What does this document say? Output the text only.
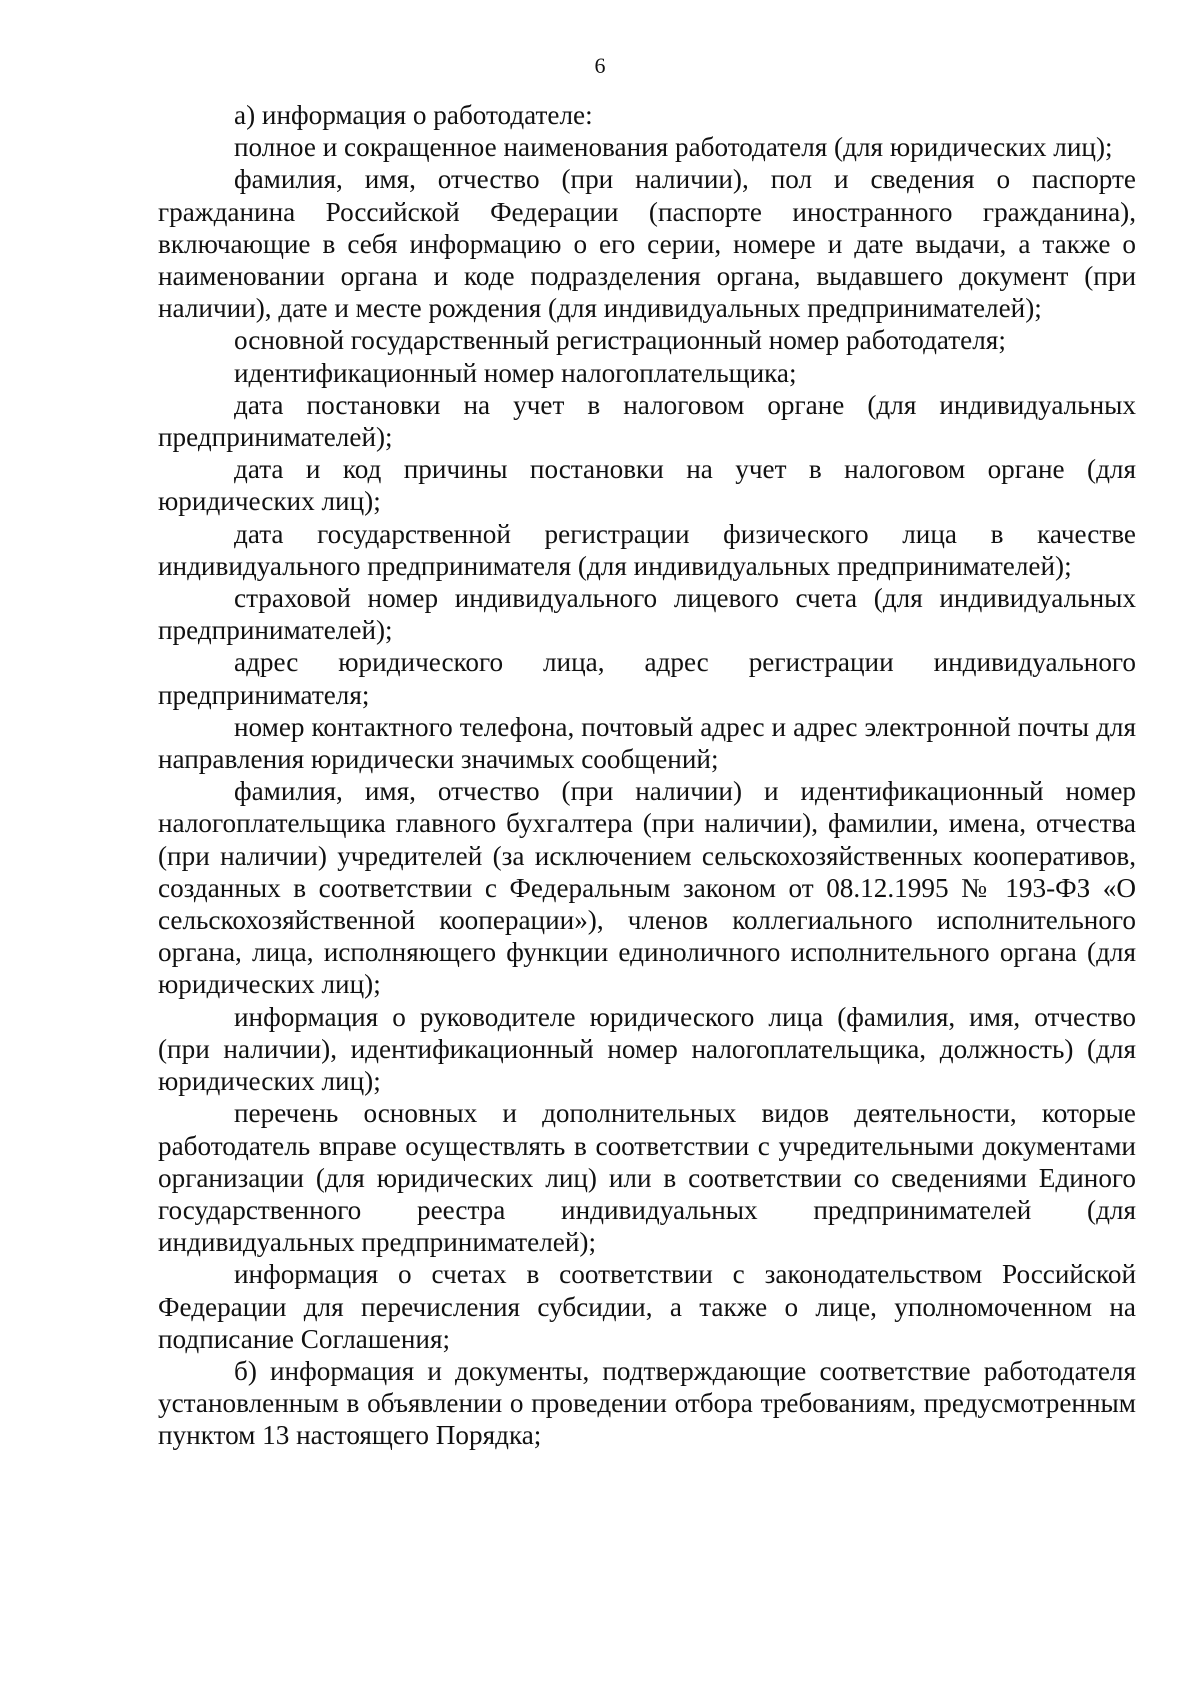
6

а) информация о работодателе:

полное и сокращенное наименования работодателя (для юридических лиц);

фамилия, имя, отчество (при наличии), пол и сведения о паспорте гражданина Российской Федерации (паспорте иностранного гражданина), включающие в себя информацию о его серии, номере и дате выдачи, а также о наименовании органа и коде подразделения органа, выдавшего документ (при наличии), дате и месте рождения (для индивидуальных предпринимателей);

основной государственный регистрационный номер работодателя;

идентификационный номер налогоплательщика;

дата постановки на учет в налоговом органе (для индивидуальных предпринимателей);

дата и код причины постановки на учет в налоговом органе (для юридических лиц);

дата государственной регистрации физического лица в качестве индивидуального предпринимателя (для индивидуальных предпринимателей);

страховой номер индивидуального лицевого счета (для индивидуальных предпринимателей);

адрес юридического лица, адрес регистрации индивидуального предпринимателя;

номер контактного телефона, почтовый адрес и адрес электронной почты для направления юридически значимых сообщений;

фамилия, имя, отчество (при наличии) и идентификационный номер налогоплательщика главного бухгалтера (при наличии), фамилии, имена, отчества (при наличии) учредителей (за исключением сельскохозяйственных кооперативов, созданных в соответствии с Федеральным законом от 08.12.1995 № 193-ФЗ «О сельскохозяйственной кооперации»), членов коллегиального исполнительного органа, лица, исполняющего функции единоличного исполнительного органа (для юридических лиц);

информация о руководителе юридического лица (фамилия, имя, отчество (при наличии), идентификационный номер налогоплательщика, должность) (для юридических лиц);

перечень основных и дополнительных видов деятельности, которые работодатель вправе осуществлять в соответствии с учредительными документами организации (для юридических лиц) или в соответствии со сведениями Единого государственного реестра индивидуальных предпринимателей (для индивидуальных предпринимателей);

информация о счетах в соответствии с законодательством Российской Федерации для перечисления субсидии, а также о лице, уполномоченном на подписание Соглашения;

б) информация и документы, подтверждающие соответствие работодателя установленным в объявлении о проведении отбора требованиям, предусмотренным пунктом 13 настоящего Порядка;
